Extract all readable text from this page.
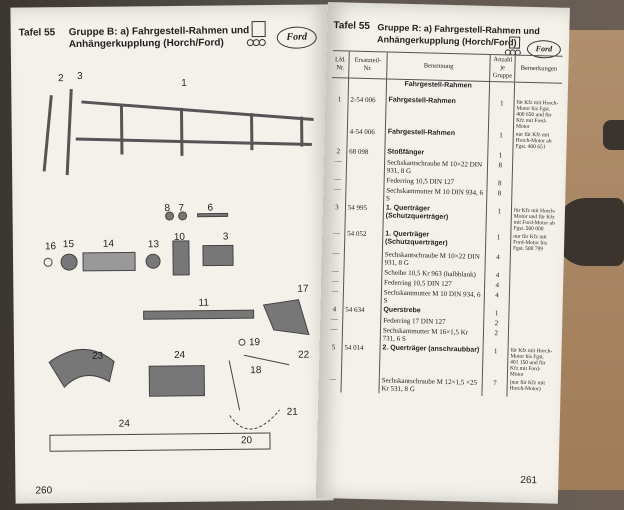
Tafel 55 Gruppe B: a) Fahrgestell-Rahmen und
Anhängerkupplung (Horch/Ford)
Ford
2 3
1
8 7 6
16 15	14	13
10	3
11
17
19
23	24
18
22
21
24
20
260
Tafel 55 Gruppe R: a) Fahrgestell-Rahmen und
Anhängerkupplung (Horch/Ford)
Ford
Lfd. Nr.	Ersatzteil-Nr.	Benennung	Anzahl je Gruppe	Bemerkungen
		Fahrgestell-Rahmen		
1	2-54 006	Fahrgestell-Rahmen	1	für Kfz mit Horch-Motor bis Fgst. 400 650 und für Kfz mit Ford-Motor
	4-54 006	Fahrgestell-Rahmen	1	nur für Kfz mit Horch-Motor ab Fgst. 400 651
2	68 098	Stoßfänger	1	
—		Sechskantschraube M 10×22 DIN 931, 8 G	8	
—		Federring 10,5 DIN 127	8	
—		Sechskantmutter M 10 DIN 934, 6 S	8	
3	54 995	1. Querträger (Schutzquerträger)	1	für Kfz mit Horch-Motor und für Kfz mit Ford-Motor ab Fgst. 500 000
—	54 052	1. Querträger (Schutzquerträger)	1	nur für Kfz mit Ford-Motor bis Fgst. 500 799
—		Sechskantschraube M 10×22 DIN 931, 8 G	4	
—		Scheibe 10,5 Kr 963 (halbblank)	4	
—		Federring 10,5 DIN 127	4	
—		Sechskantmutter M 10 DIN 934, 6 S	4	
4	54 634	Querstrebe	1	
—		Federring 17 DIN 127	2	
—		Sechskantmutter M 16×1,5 Kr 731, 6 S	2	
5	54 014	2. Querträger (anschraubbar)	1	für Kfz mit Horch-Motor bis Fgst. 401 150 und für Kfz mit Ford-Motor
—		Sechskantschraube M 12×1,5 ×25 Kr 531, 8 G	7	(nur für Kfz mit Horch-Motor)
261
